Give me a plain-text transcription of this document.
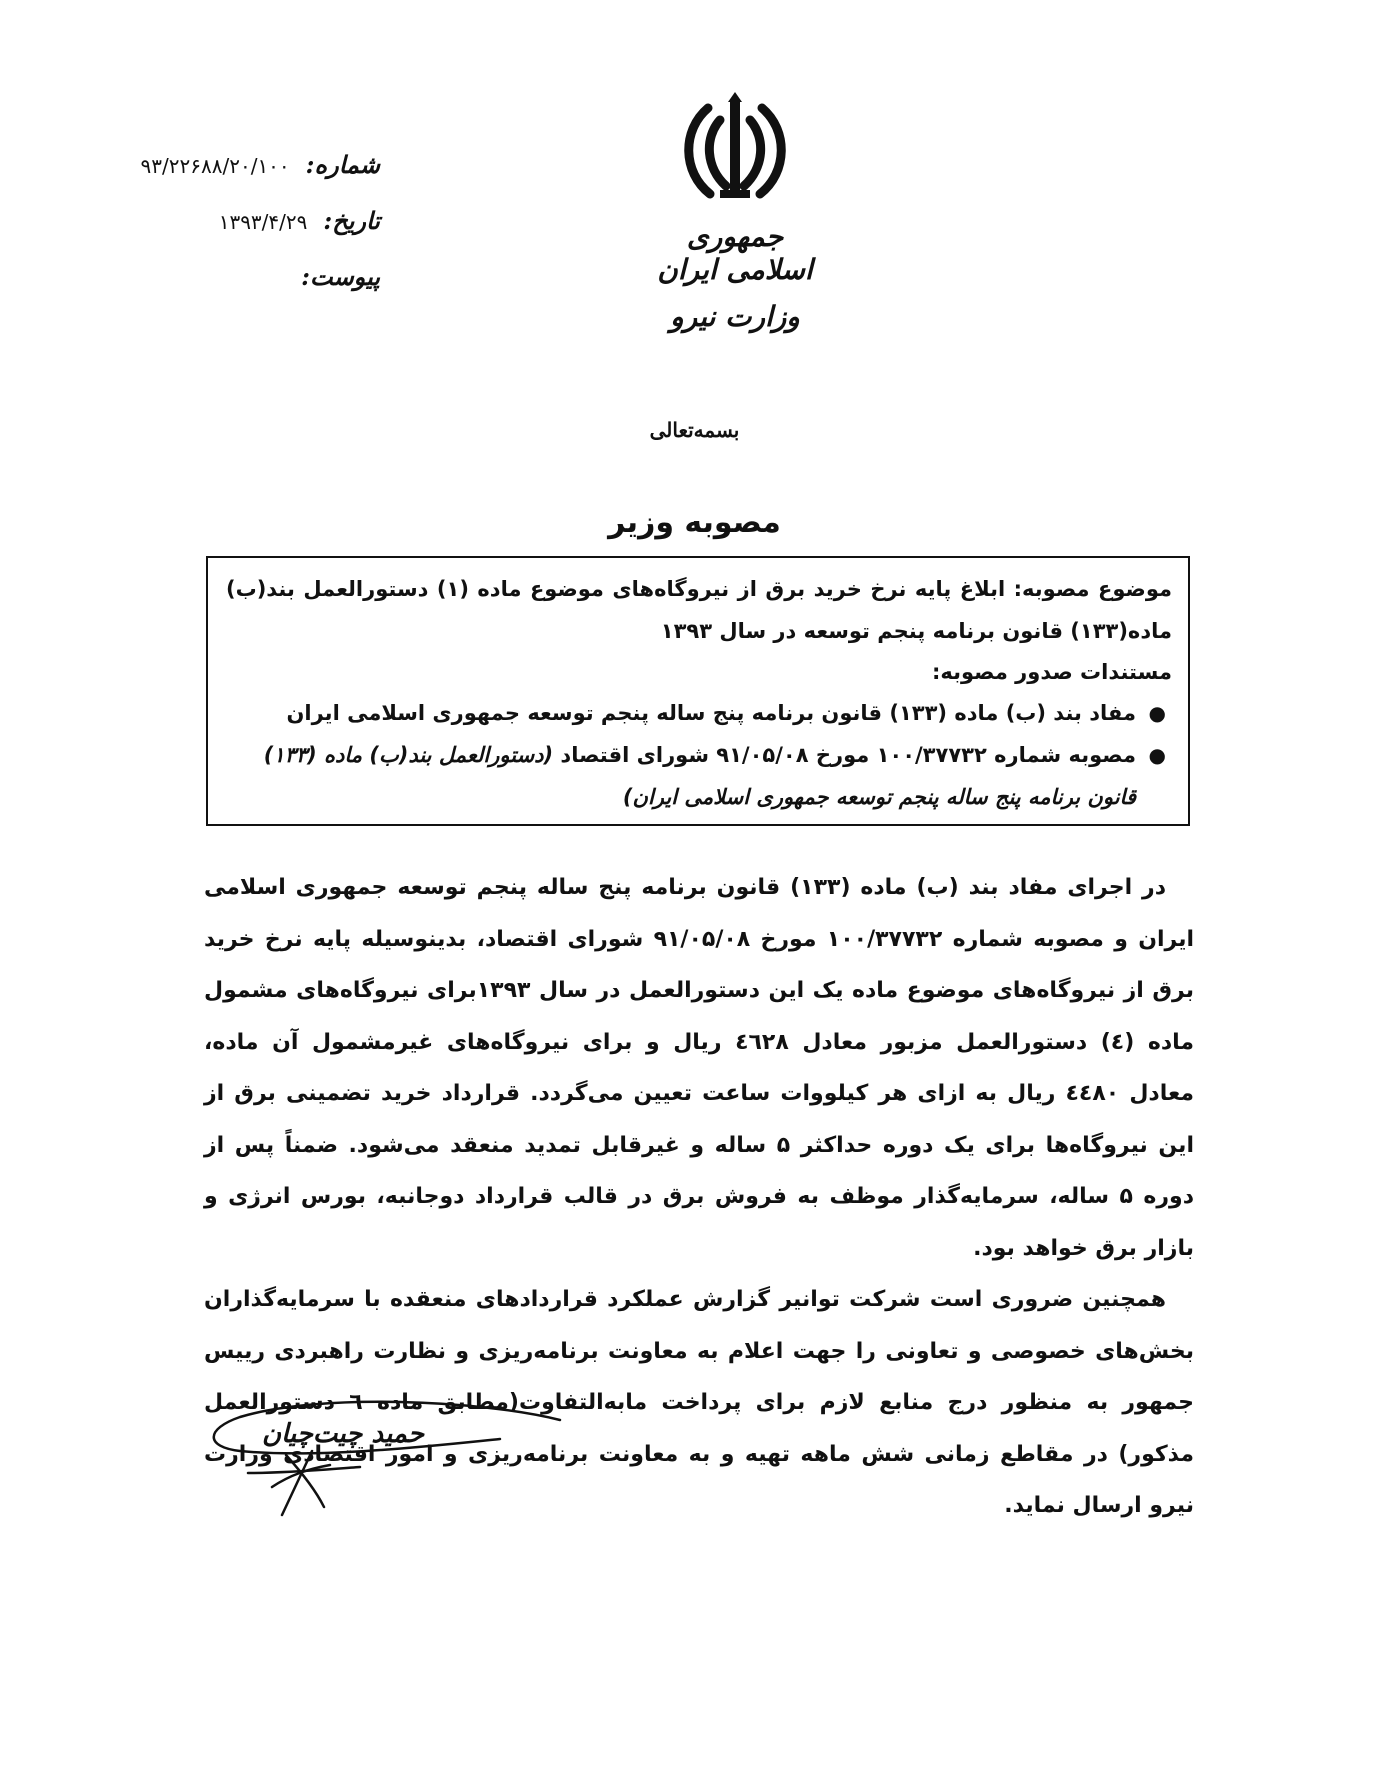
شماره:
۹۳/۲۲۶۸۸/۲۰/۱۰۰
تاریخ:
۱۳۹۳/۴/۲۹
پیوست:
جمهوری اسلامی ایران
وزارت نیرو
بسمه‌تعالی
مصوبه وزیر
موضوع مصوبه: ابلاغ پایه نرخ خرید برق از نیروگاه‌های موضوع ماده (۱) دستورالعمل بند(ب) ماده(۱۳۳) قانون برنامه پنجم توسعه در سال ۱۳۹۳
مستندات صدور مصوبه:
●
مفاد بند (ب) ماده (۱۳۳) قانون برنامه پنج ساله پنجم توسعه جمهوری اسلامی ایران
●
مصوبه شماره ۱۰۰/۳۷۷۳۲ مورخ ۹۱/۰۵/۰۸ شورای اقتصاد (دستورالعمل بند(ب) ماده (۱۳۳) قانون برنامه پنج ساله پنجم توسعه جمهوری اسلامی ایران)

در اجرای مفاد بند (ب) ماده (۱۳۳) قانون برنامه پنج ساله پنجم توسعه جمهوری اسلامی ایران و مصوبه شماره ۱۰۰/۳۷۷۳۲ مورخ ۹۱/۰۵/۰۸ شورای اقتصاد، بدینوسیله پایه نرخ خرید برق از نیروگاه‌های موضوع ماده یک این دستورالعمل در سال ۱۳۹۳برای نیروگاه‌های مشمول ماده (٤) دستورالعمل مزبور معادل ٤٦٢٨ ریال و برای نیروگاه‌های غیرمشمول آن ماده، معادل ٤٤٨٠ ریال به ازای هر کیلووات ساعت تعیین می‌گردد. قرارداد خرید تضمینی برق از این نیروگاه‌ها برای یک دوره حداکثر ۵ ساله و غیرقابل تمدید منعقد می‌شود. ضمناً پس از دوره ۵ ساله، سرمایه‌گذار موظف به فروش برق در قالب قرارداد دوجانبه، بورس انرژی و بازار برق خواهد بود.

همچنین ضروری است شرکت توانیر گزارش عملکرد قراردادهای منعقده با سرمایه‌گذاران بخش‌های خصوصی و تعاونی را جهت اعلام به معاونت برنامه‌ریزی و نظارت راهبردی رییس جمهور به منظور درج منابع لازم برای پرداخت مابه‌التفاوت(مطابق ماده ٦ دستورالعمل مذکور) در مقاطع زمانی شش ماهه تهیه و به معاونت برنامه‌ریزی و امور اقتصادی وزارت نیرو ارسال نماید.

حمید چیت‌چیان
